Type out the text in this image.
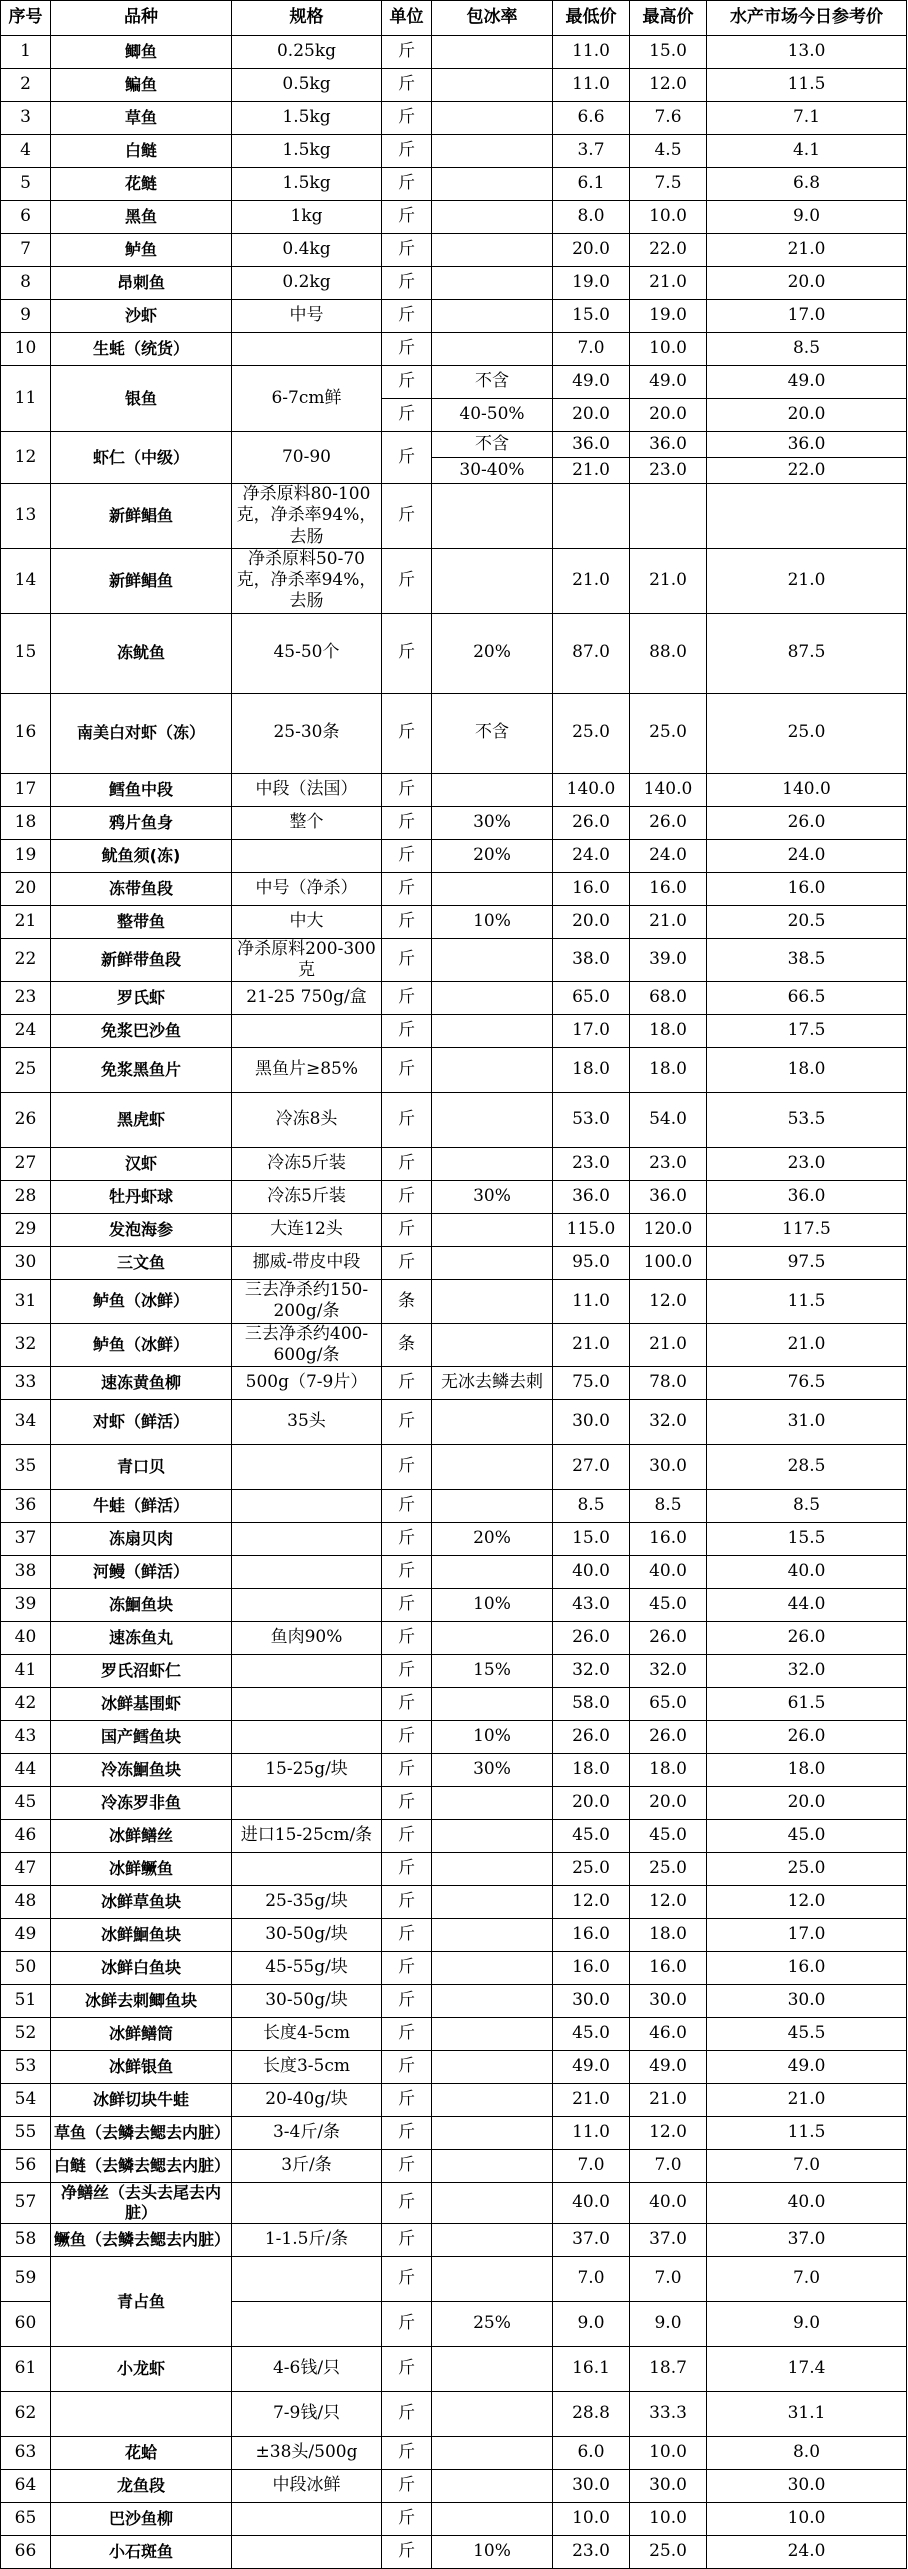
序号	品种	规格	单位	包冰率	最低价	最高价	水产市场今日参考价
1	鲫鱼	0.25kg	斤		11.0	15.0	13.0
2	鳊鱼	0.5kg	斤		11.0	12.0	11.5
3	草鱼	1.5kg	斤		6.6	7.6	7.1
4	白鲢	1.5kg	斤		3.7	4.5	4.1
5	花鲢	1.5kg	斤		6.1	7.5	6.8
6	黑鱼	1kg	斤		8.0	10.0	9.0
7	鲈鱼	0.4kg	斤		20.0	22.0	21.0
8	昂刺鱼	0.2kg	斤		19.0	21.0	20.0
9	沙虾	中号	斤		15.0	19.0	17.0
10	生蚝（统货）		斤		7.0	10.0	8.5
11	银鱼	6-7cm鲜	斤	不含	49.0	49.0	49.0
			斤	40-50%	20.0	20.0	20.0
12	虾仁（中级）	70-90	斤	不含	36.0	36.0	36.0
				30-40%	21.0	23.0	22.0
13	新鲜鲳鱼	净杀原料80-100克，净杀率94%，去肠	斤				
14	新鲜鲳鱼	净杀原料50-70克，净杀率94%，去肠	斤		21.0	21.0	21.0
15	冻鱿鱼	45-50个	斤	20%	87.0	88.0	87.5
16	南美白对虾（冻）	25-30条	斤	不含	25.0	25.0	25.0
17	鳕鱼中段	中段（法国）	斤		140.0	140.0	140.0
18	鸦片鱼身	整个	斤	30%	26.0	26.0	26.0
19	鱿鱼须(冻)		斤	20%	24.0	24.0	24.0
20	冻带鱼段	中号（净杀）	斤		16.0	16.0	16.0
21	整带鱼	中大	斤	10%	20.0	21.0	20.5
22	新鲜带鱼段	净杀原料200-300克	斤		38.0	39.0	38.5
23	罗氏虾	21-25 750g/盒	斤		65.0	68.0	66.5
24	免浆巴沙鱼		斤		17.0	18.0	17.5
25	免浆黑鱼片	黑鱼片≥85%	斤		18.0	18.0	18.0
26	黑虎虾	冷冻8头	斤		53.0	54.0	53.5
27	汉虾	冷冻5斤装	斤		23.0	23.0	23.0
28	牡丹虾球	冷冻5斤装	斤	30%	36.0	36.0	36.0
29	发泡海参	大连12头	斤		115.0	120.0	117.5
30	三文鱼	挪威-带皮中段	斤		95.0	100.0	97.5
31	鲈鱼（冰鲜）	三去净杀约150-200g/条	条		11.0	12.0	11.5
32	鲈鱼（冰鲜）	三去净杀约400-600g/条	条		21.0	21.0	21.0
33	速冻黄鱼柳	500g（7-9片）	斤	无冰去鳞去刺	75.0	78.0	76.5
34	对虾（鲜活）	35头	斤		30.0	32.0	31.0
35	青口贝		斤		27.0	30.0	28.5
36	牛蛙（鲜活）		斤		8.5	8.5	8.5
37	冻扇贝肉		斤	20%	15.0	16.0	15.5
38	河鳗（鲜活）		斤		40.0	40.0	40.0
39	冻鮰鱼块		斤	10%	43.0	45.0	44.0
40	速冻鱼丸	鱼肉90%	斤		26.0	26.0	26.0
41	罗氏沼虾仁		斤	15%	32.0	32.0	32.0
42	冰鲜基围虾		斤		58.0	65.0	61.5
43	国产鳕鱼块		斤	10%	26.0	26.0	26.0
44	冷冻鮰鱼块	15-25g/块	斤	30%	18.0	18.0	18.0
45	冷冻罗非鱼		斤		20.0	20.0	20.0
46	冰鲜鳝丝	进口15-25cm/条	斤		45.0	45.0	45.0
47	冰鲜鳜鱼		斤		25.0	25.0	25.0
48	冰鲜草鱼块	25-35g/块	斤		12.0	12.0	12.0
49	冰鲜鮰鱼块	30-50g/块	斤		16.0	18.0	17.0
50	冰鲜白鱼块	45-55g/块	斤		16.0	16.0	16.0
51	冰鲜去刺鲫鱼块	30-50g/块	斤		30.0	30.0	30.0
52	冰鲜鳝筒	长度4-5cm	斤		45.0	46.0	45.5
53	冰鲜银鱼	长度3-5cm	斤		49.0	49.0	49.0
54	冰鲜切块牛蛙	20-40g/块	斤		21.0	21.0	21.0
55	草鱼（去鳞去鳃去内脏）	3-4斤/条	斤		11.0	12.0	11.5
56	白鲢（去鳞去鳃去内脏）	3斤/条	斤		7.0	7.0	7.0
57	净鳝丝（去头去尾去内脏）		斤		40.0	40.0	40.0
58	鳜鱼（去鳞去鳃去内脏）	1-1.5斤/条	斤		37.0	37.0	37.0
59	青占鱼		斤		7.0	7.0	7.0
60			斤	25%	9.0	9.0	9.0
61	小龙虾	4-6钱/只	斤		16.1	18.7	17.4
62		7-9钱/只	斤		28.8	33.3	31.1
63	花蛤	±38头/500g	斤		6.0	10.0	8.0
64	龙鱼段	中段冰鲜	斤		30.0	30.0	30.0
65	巴沙鱼柳		斤		10.0	10.0	10.0
66	小石斑鱼		斤	10%	23.0	25.0	24.0
